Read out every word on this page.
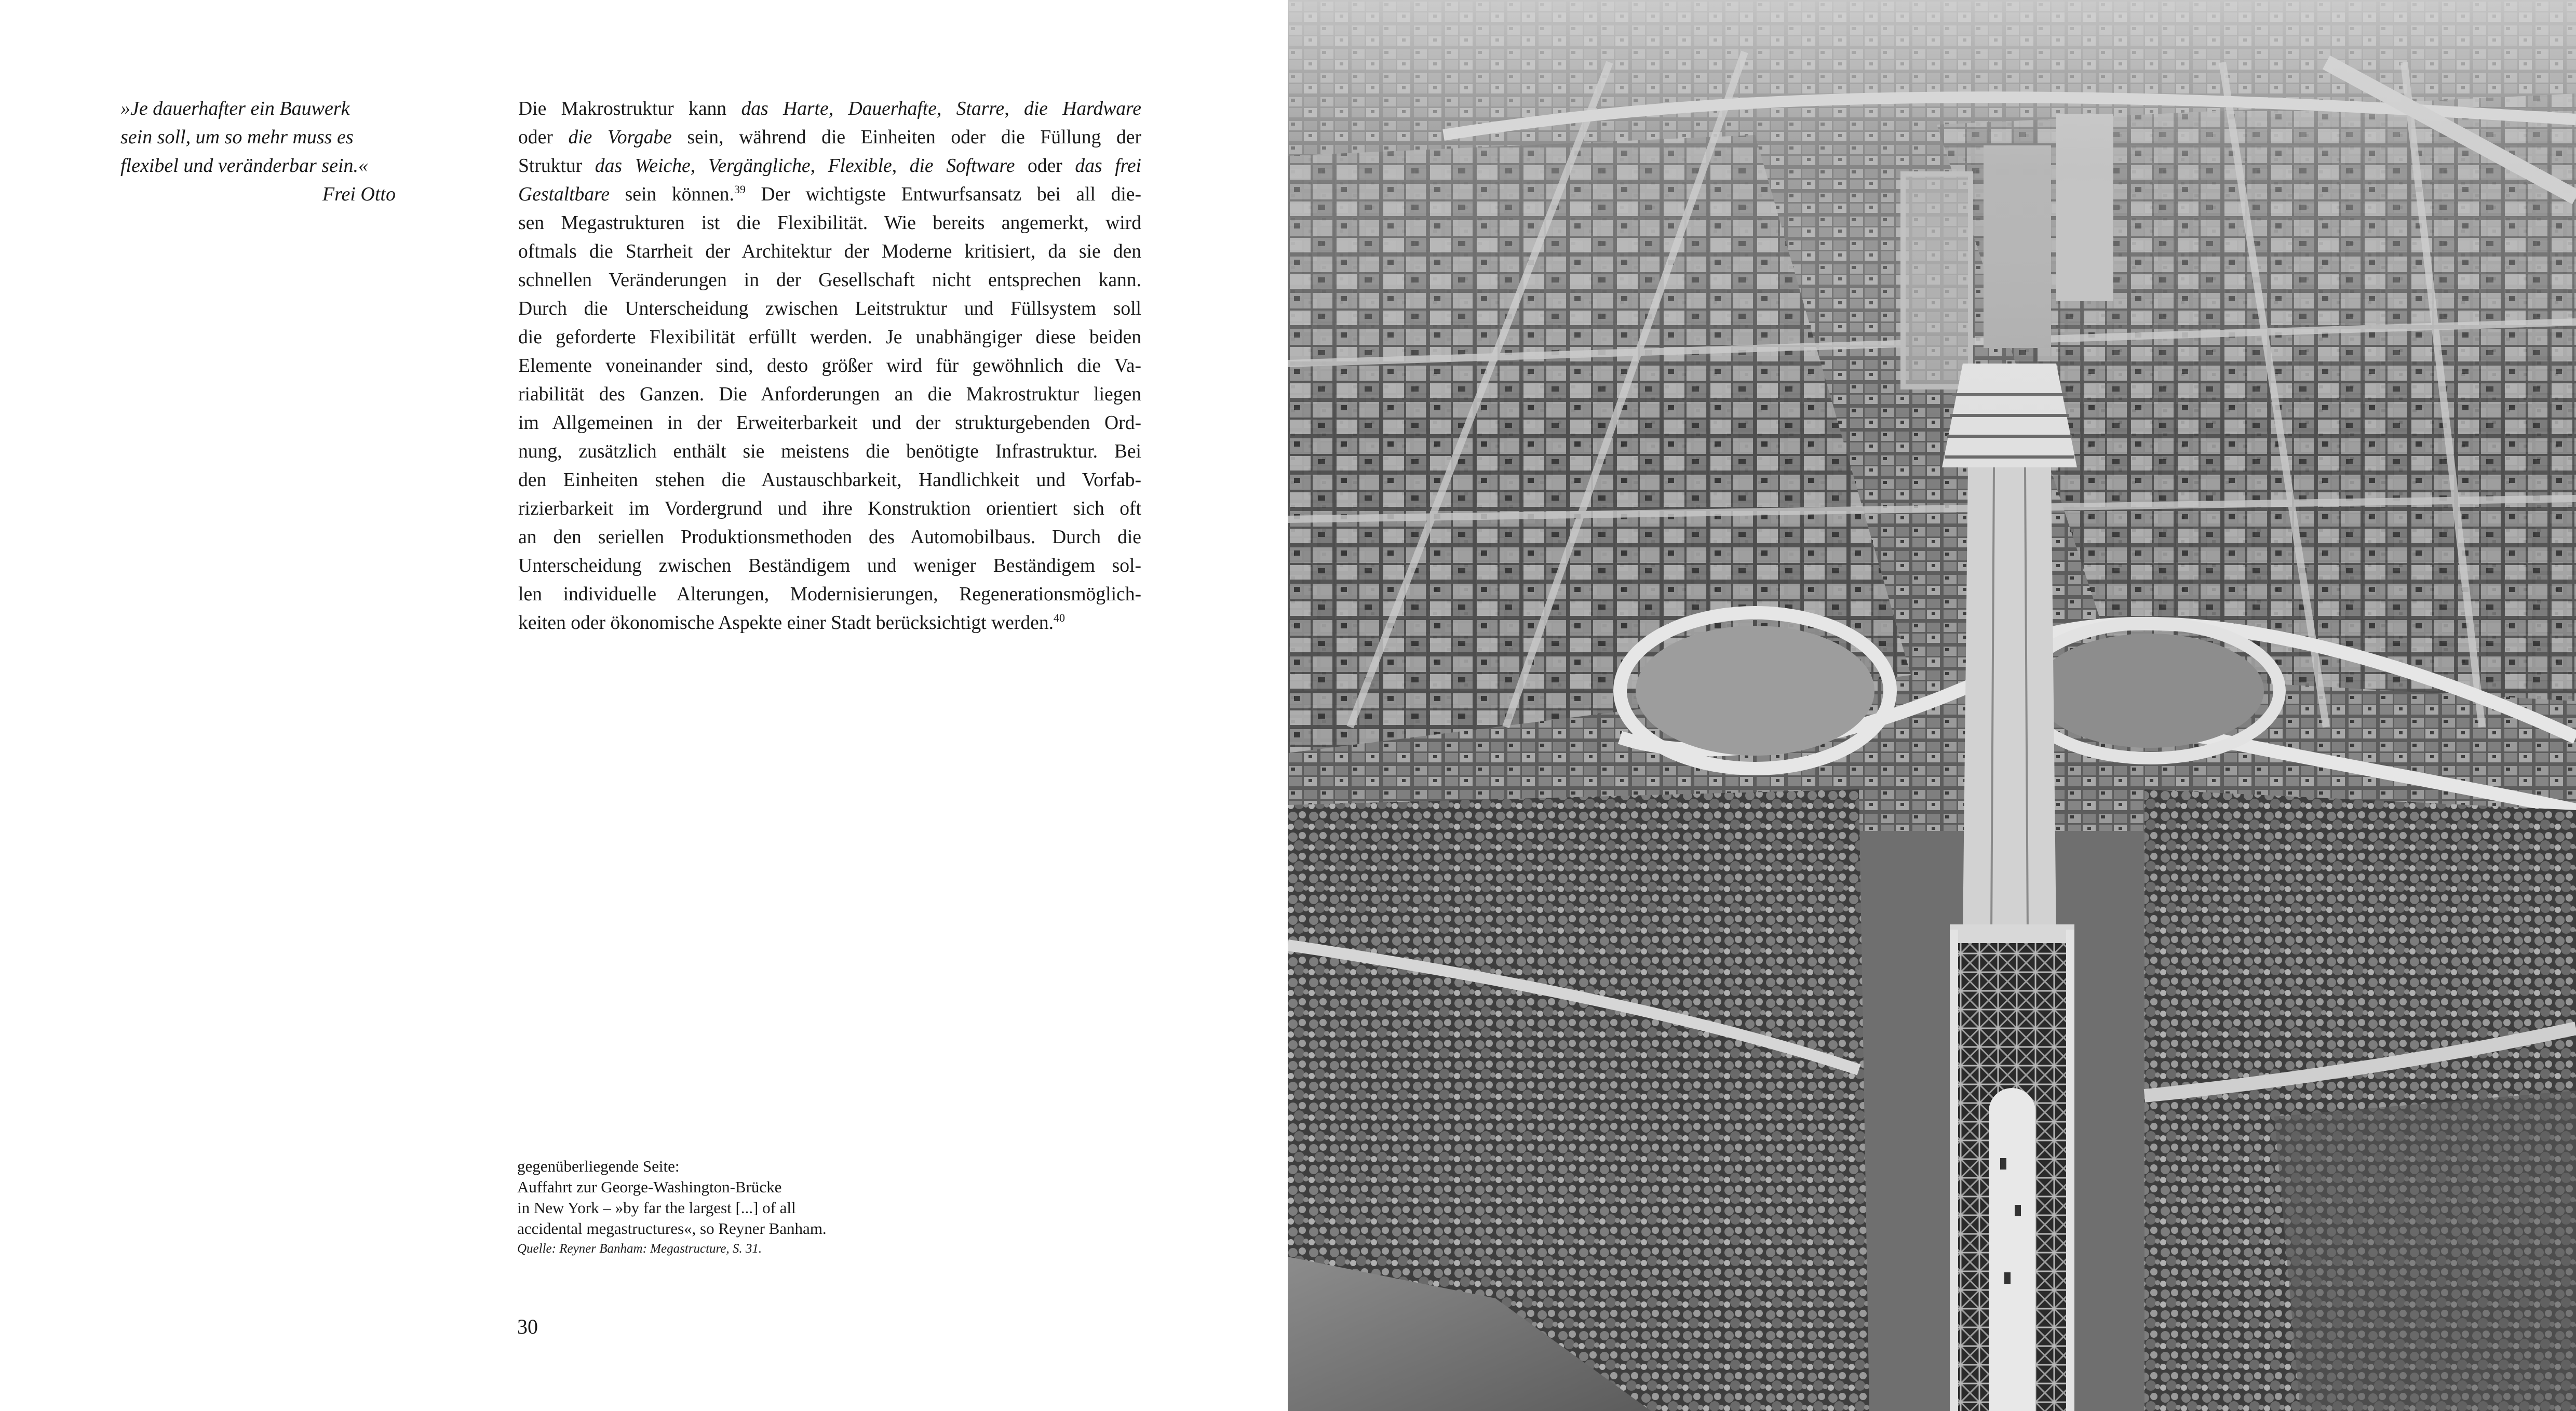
»Je dauerhafter ein Bauwerk
sein soll, um so mehr muss es
flexibel und veränderbar sein.«
Frei Otto
Die Makrostruktur kann das Harte, Dauerhafte, Starre, die Hardware
oder die Vorgabe sein, während die Einheiten oder die Füllung der
Struktur das Weiche, Vergängliche, Flexible, die Software oder das frei
Gestaltbare sein können.$^{39}$ Der wichtigste Entwurfsansatz bei all die-
sen Megastrukturen ist die Flexibilität. Wie bereits angemerkt, wird
oftmals die Starrheit der Architektur der Moderne kritisiert, da sie den
schnellen Veränderungen in der Gesellschaft nicht entsprechen kann.
Durch die Unterscheidung zwischen Leitstruktur und Füllsystem soll
die geforderte Flexibilität erfüllt werden. Je unabhängiger diese beiden
Elemente voneinander sind, desto größer wird für gewöhnlich die Va-
riabilität des Ganzen. Die Anforderungen an die Makrostruktur liegen
im Allgemeinen in der Erweiterbarkeit und der strukturgebenden Ord-
nung, zusätzlich enthält sie meistens die benötigte Infrastruktur. Bei
den Einheiten stehen die Austauschbarkeit, Handlichkeit und Vorfab-
rizierbarkeit im Vordergrund und ihre Konstruktion orientiert sich oft
an den seriellen Produktionsmethoden des Automobilbaus. Durch die
Unterscheidung zwischen Beständigem und weniger Beständigem sol-
len individuelle Alterungen, Modernisierungen, Regenerationsmöglich-
keiten oder ökonomische Aspekte einer Stadt berücksichtigt werden.$^{40}$
gegenüberliegende Seite:
Auffahrt zur George-Washington-Brücke
in New York – »by far the largest [...] of all
accidental megastructures«, so Reyner Banham.
Quelle: Reyner Banham: Megastructure, S. 31.
30
